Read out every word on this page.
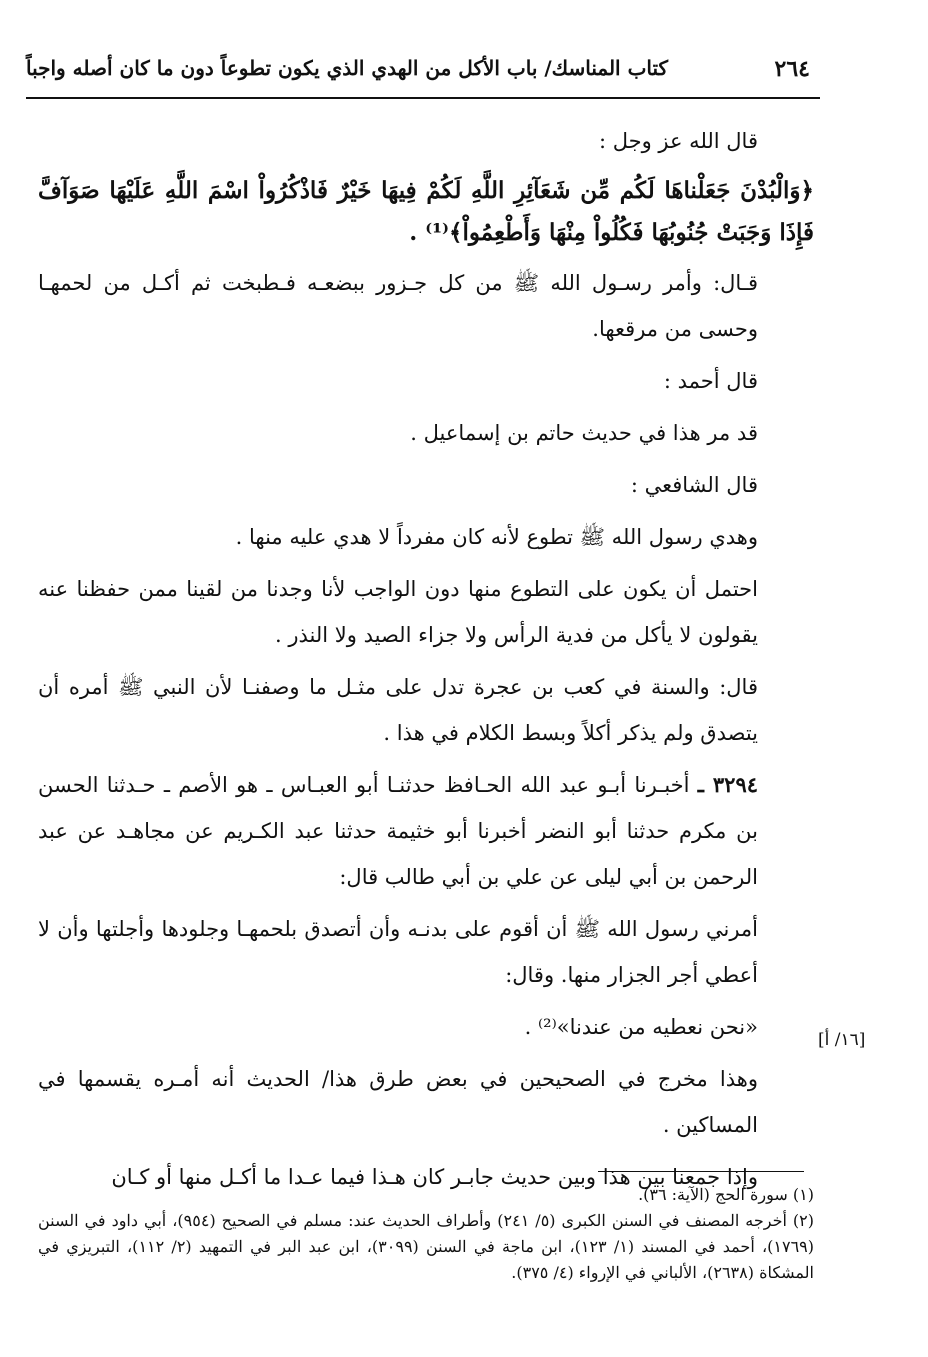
٢٦٤
كتاب المناسك/ باب الأكل من الهدي الذي يكون تطوعاً دون ما كان أصله واجباً

قال الله عز وجل :

﴿وَالْبُدْنَ جَعَلْناهَا لَكُم مِّن شَعَآئِرِ اللَّهِ لَكُمْ فِيهَا خَيْرٌ فَاذْكُرُواْ اسْمَ اللَّهِ عَلَيْهَا صَوَآفَّ فَإِذَا وَجَبَتْ جُنُوبُهَا فَكُلُواْ مِنْهَا وَأَطْعِمُواْ﴾⁽¹⁾ .

قـال: وأمر رسـول الله ﷺ من كل جـزور ببضعـه فـطبخت ثم أكـل من لحمهـا وحسى من مرقعها.

قال أحمد :

قد مر هذا في حديث حاتم بن إسماعيل .

قال الشافعي :

وهدي رسول الله ﷺ تطوع لأنه كان مفرداً لا هدي عليه منها .

احتمل أن يكون على التطوع منها دون الواجب لأنا وجدنا من لقينا ممن حفظنا عنه يقولون لا يأكل من فدية الرأس ولا جزاء الصيد ولا النذر .

قال: والسنة في كعب بن عجرة تدل على مثـل ما وصفنـا لأن النبي ﷺ أمره أن يتصدق ولم يذكر أكلاً وبسط الكلام في هذا .

٣٢٩٤ ـ أخبـرنا أبـو عبد الله الحـافظ حدثنـا أبو العبـاس ـ هو الأصم ـ حـدثنا الحسن بن مكرم حدثنا أبو النضر أخبرنا أبو خثيمة حدثنا عبد الكـريم عن مجاهـد عن عبد الرحمن بن أبي ليلى عن علي بن أبي طالب قال:

أمرني رسول الله ﷺ أن أقوم على بدنـه وأن أتصدق بلحمهـا وجلودها وأجلتها وأن لا أعطي أجر الجزار منها. وقال:

«نحن نعطيه من عندنا»⁽²⁾ .

وهذا مخرج في الصحيحين في بعض طرق هذا/ الحديث أنه أمـره يقسمها في المساكين .

وإذا جمعنا بين هذا وبين حديث جابـر كان هـذا فيما عـدا ما أكـل منها أو كـان

[١٦/ أ]

(١) سورة الحج (الآية: ٣٦).

(٢) أخرجه المصنف في السنن الكبرى (٥/ ٢٤١) وأطراف الحديث عند: مسلم في الصحيح (٩٥٤)، أبي داود في السنن (١٧٦٩)، أحمد في المسند (١/ ١٢٣)، ابن ماجة في السنن (٣٠٩٩)، ابن عبد البر في التمهيد (٢/ ١١٢)، التبريزي في المشكاة (٢٦٣٨)، الألباني في الإرواء (٤/ ٣٧٥).
